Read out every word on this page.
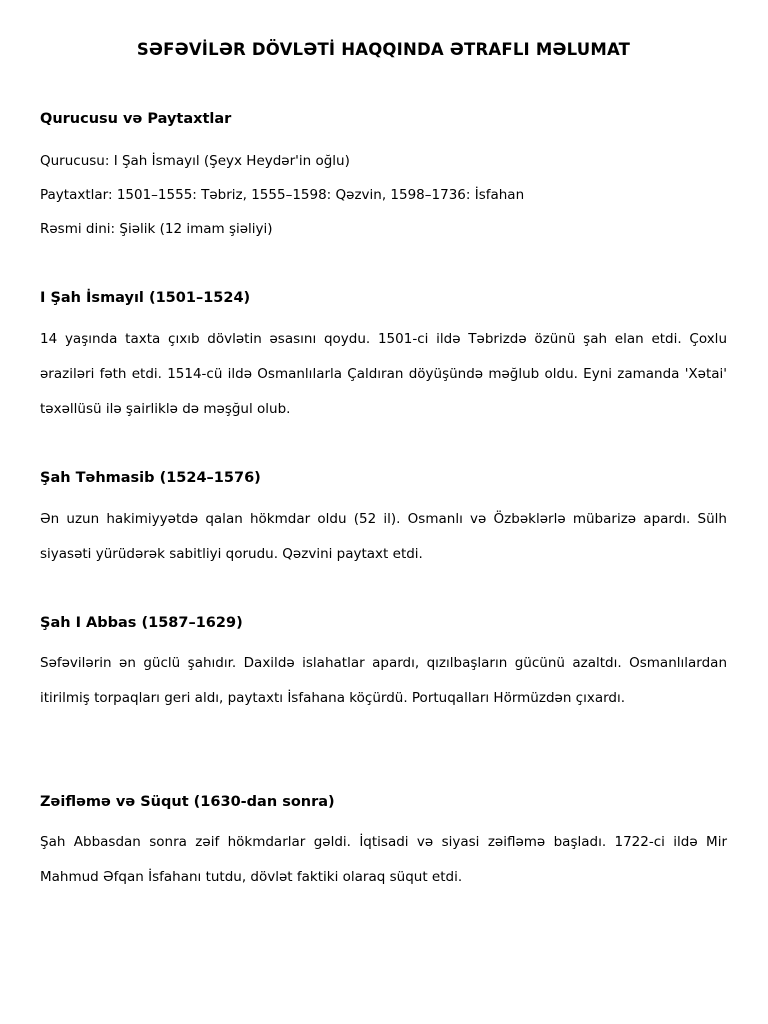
SƏFƏVİLƏR DÖVLƏTİ HAQQINDA ƏTRAFLI MƏLUMAT
Qurucusu və Paytaxtlar

Qurucusu: I Şah İsmayıl (Şeyx Heydər'in oğlu)

Paytaxtlar: 1501–1555: Təbriz, 1555–1598: Qəzvin, 1598–1736: İsfahan

Rəsmi dini: Şiəlik (12 imam şiəliyi)

I Şah İsmayıl (1501–1524)

14 yaşında taxta çıxıb dövlətin əsasını qoydu. 1501-ci ildə Təbrizdə özünü şah elan etdi. Çoxlu əraziləri fəth etdi. 1514-cü ildə Osmanlılarla Çaldıran döyüşündə məğlub oldu. Eyni zamanda 'Xətai' təxəllüsü ilə şairliklə də məşğul olub.

Şah Təhmasib (1524–1576)

Ən uzun hakimiyyətdə qalan hökmdar oldu (52 il). Osmanlı və Özbəklərlə mübarizə apardı. Sülh siyasəti yürüdərək sabitliyi qorudu. Qəzvini paytaxt etdi.

Şah I Abbas (1587–1629)

Səfəvilərin ən güclü şahıdır. Daxildə islahatlar apardı, qızılbaşların gücünü azaltdı. Osmanlılardan itirilmiş torpaqları geri aldı, paytaxtı İsfahana köçürdü. Portuqalları Hörmüzdən çıxardı.

Zəifləmə və Süqut (1630-dan sonra)

Şah Abbasdan sonra zəif hökmdarlar gəldi. İqtisadi və siyasi zəifləmə başladı. 1722-ci ildə Mir Mahmud Əfqan İsfahanı tutdu, dövlət faktiki olaraq süqut etdi.
